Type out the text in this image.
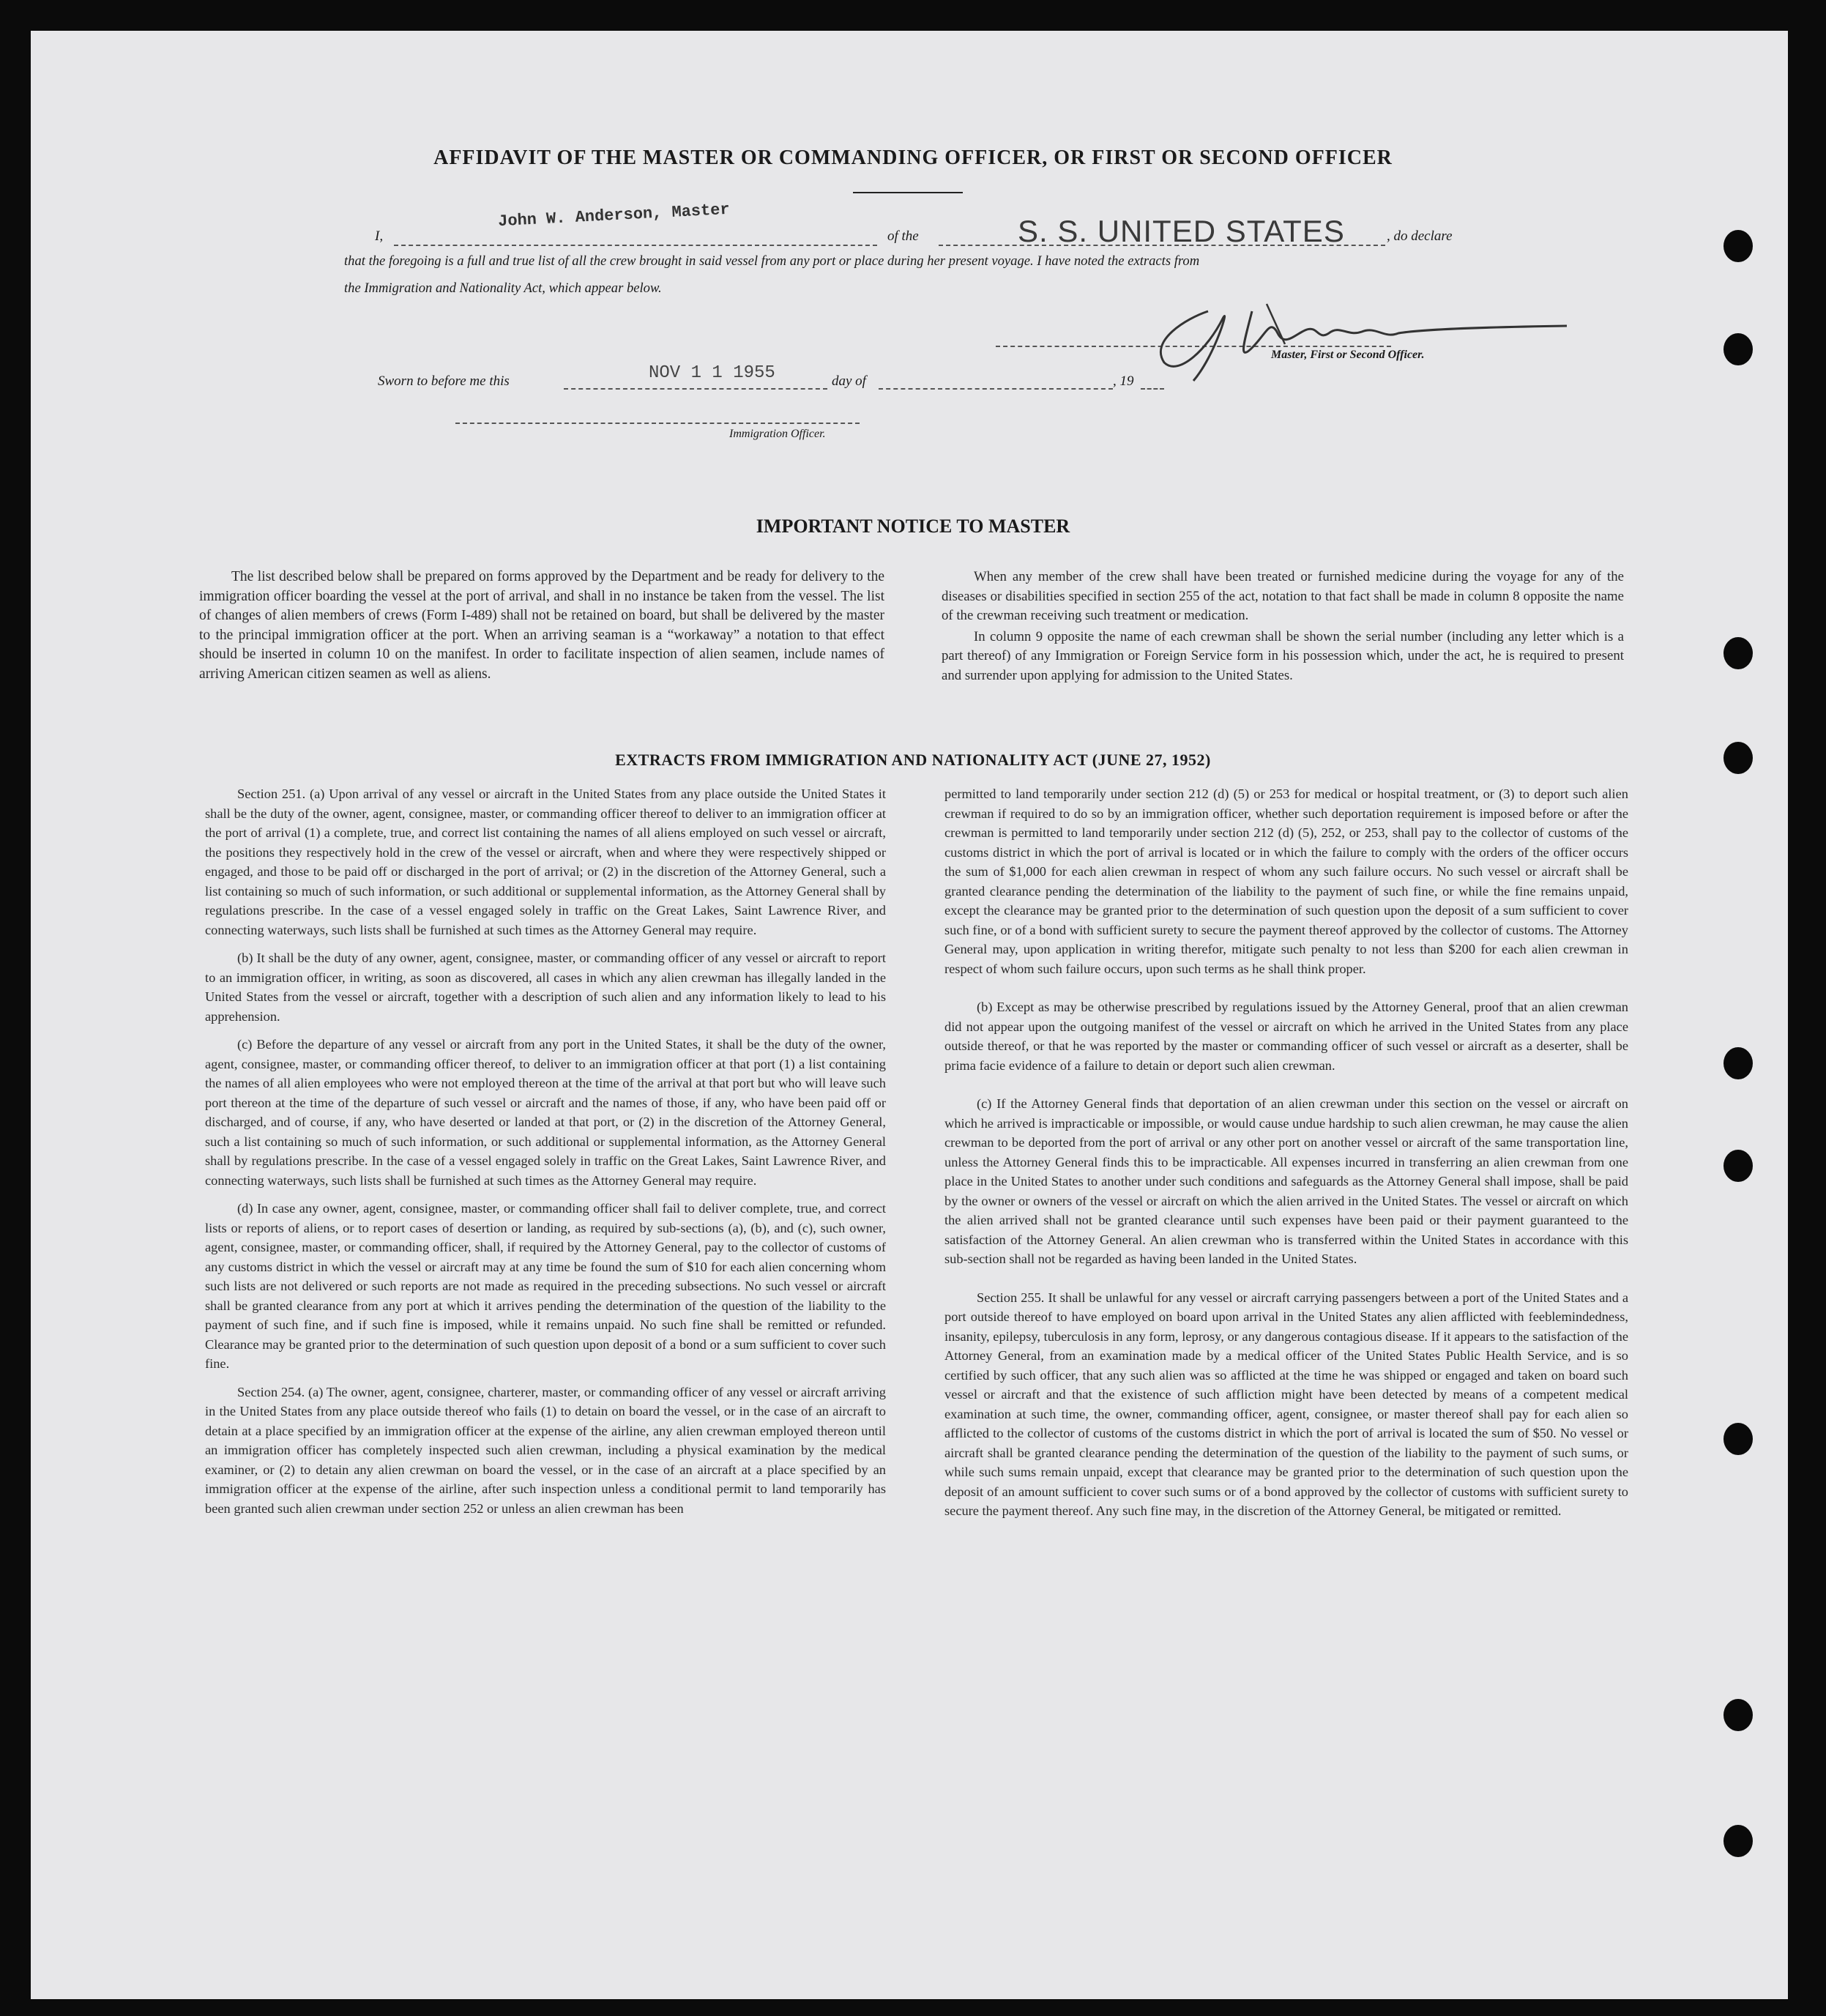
AFFIDAVIT OF THE MASTER OR COMMANDING OFFICER, OR FIRST OR SECOND OFFICER
I,
John W. Anderson, Master
of the	S. S. UNITED STATES	, do declare
that the foregoing is a full and true list of all the crew brought in said vessel from any port or place during her present voyage. I have noted the extracts from
the Immigration and Nationality Act, which appear below.
Master, First or Second Officer.
Sworn to before me this	NOV 1 1 1955	day of	, 19
Immigration Officer.
IMPORTANT NOTICE TO MASTER

The list described below shall be prepared on forms approved by the Department and be ready for delivery to the immigration officer boarding the vessel at the port of arrival, and shall in no instance be taken from the vessel. The list of changes of alien members of crews (Form I-489) shall not be retained on board, but shall be delivered by the master to the principal immigration officer at the port. When an arriving seaman is a “workaway” a notation to that effect should be inserted in column 10 on the manifest. In order to facilitate inspection of alien seamen, include names of arriving American citizen seamen as well as aliens.

When any member of the crew shall have been treated or furnished medicine during the voyage for any of the diseases or disabilities specified in section 255 of the act, notation to that fact shall be made in column 8 opposite the name of the crewman receiving such treatment or medication.

In column 9 opposite the name of each crewman shall be shown the serial number (including any letter which is a part thereof) of any Immigration or Foreign Service form in his possession which, under the act, he is required to present and surrender upon applying for admission to the United States.

EXTRACTS FROM IMMIGRATION AND NATIONALITY ACT (JUNE 27, 1952)

Section 251. (a) Upon arrival of any vessel or aircraft in the United States from any place outside the United States it shall be the duty of the owner, agent, consignee, master, or commanding officer thereof to deliver to an immigration officer at the port of arrival (1) a complete, true, and correct list containing the names of all aliens employed on such vessel or aircraft, the positions they respectively hold in the crew of the vessel or aircraft, when and where they were respectively shipped or engaged, and those to be paid off or discharged in the port of arrival; or (2) in the discretion of the Attorney General, such a list containing so much of such information, or such additional or supplemental information, as the Attorney General shall by regulations prescribe. In the case of a vessel engaged solely in traffic on the Great Lakes, Saint Lawrence River, and connecting waterways, such lists shall be furnished at such times as the Attorney General may require.

(b) It shall be the duty of any owner, agent, consignee, master, or commanding officer of any vessel or aircraft to report to an immigration officer, in writing, as soon as discovered, all cases in which any alien crewman has illegally landed in the United States from the vessel or aircraft, together with a description of such alien and any information likely to lead to his apprehension.

(c) Before the departure of any vessel or aircraft from any port in the United States, it shall be the duty of the owner, agent, consignee, master, or commanding officer thereof, to deliver to an immigration officer at that port (1) a list containing the names of all alien employees who were not employed thereon at the time of the arrival at that port but who will leave such port thereon at the time of the departure of such vessel or aircraft and the names of those, if any, who have been paid off or discharged, and of course, if any, who have deserted or landed at that port, or (2) in the discretion of the Attorney General, such a list containing so much of such information, or such additional or supplemental information, as the Attorney General shall by regulations prescribe. In the case of a vessel engaged solely in traffic on the Great Lakes, Saint Lawrence River, and connecting waterways, such lists shall be furnished at such times as the Attorney General may require.

(d) In case any owner, agent, consignee, master, or commanding officer shall fail to deliver complete, true, and correct lists or reports of aliens, or to report cases of desertion or landing, as required by sub-sections (a), (b), and (c), such owner, agent, consignee, master, or commanding officer, shall, if required by the Attorney General, pay to the collector of customs of any customs district in which the vessel or aircraft may at any time be found the sum of $10 for each alien concerning whom such lists are not delivered or such reports are not made as required in the preceding subsections. No such vessel or aircraft shall be granted clearance from any port at which it arrives pending the determination of the question of the liability to the payment of such fine, and if such fine is imposed, while it remains unpaid. No such fine shall be remitted or refunded. Clearance may be granted prior to the determination of such question upon deposit of a bond or a sum sufficient to cover such fine.

Section 254. (a) The owner, agent, consignee, charterer, master, or commanding officer of any vessel or aircraft arriving in the United States from any place outside thereof who fails (1) to detain on board the vessel, or in the case of an aircraft to detain at a place specified by an immigration officer at the expense of the airline, any alien crewman employed thereon until an immigration officer has completely inspected such alien crewman, including a physical examination by the medical examiner, or (2) to detain any alien crewman on board the vessel, or in the case of an aircraft at a place specified by an immigration officer at the expense of the airline, after such inspection unless a conditional permit to land temporarily has been granted such alien crewman under section 252 or unless an alien crewman has been

permitted to land temporarily under section 212 (d) (5) or 253 for medical or hospital treatment, or (3) to deport such alien crewman if required to do so by an immigration officer, whether such deportation requirement is imposed before or after the crewman is permitted to land temporarily under section 212 (d) (5), 252, or 253, shall pay to the collector of customs of the customs district in which the port of arrival is located or in which the failure to comply with the orders of the officer occurs the sum of $1,000 for each alien crewman in respect of whom any such failure occurs. No such vessel or aircraft shall be granted clearance pending the determination of the liability to the payment of such fine, or while the fine remains unpaid, except the clearance may be granted prior to the determination of such question upon the deposit of a sum sufficient to cover such fine, or of a bond with sufficient surety to secure the payment thereof approved by the collector of customs. The Attorney General may, upon application in writing therefor, mitigate such penalty to not less than $200 for each alien crewman in respect of whom such failure occurs, upon such terms as he shall think proper.

(b) Except as may be otherwise prescribed by regulations issued by the Attorney General, proof that an alien crewman did not appear upon the outgoing manifest of the vessel or aircraft on which he arrived in the United States from any place outside thereof, or that he was reported by the master or commanding officer of such vessel or aircraft as a deserter, shall be prima facie evidence of a failure to detain or deport such alien crewman.

(c) If the Attorney General finds that deportation of an alien crewman under this section on the vessel or aircraft on which he arrived is impracticable or impossible, or would cause undue hardship to such alien crewman, he may cause the alien crewman to be deported from the port of arrival or any other port on another vessel or aircraft of the same transportation line, unless the Attorney General finds this to be impracticable. All expenses incurred in transferring an alien crewman from one place in the United States to another under such conditions and safeguards as the Attorney General shall impose, shall be paid by the owner or owners of the vessel or aircraft on which the alien arrived in the United States. The vessel or aircraft on which the alien arrived shall not be granted clearance until such expenses have been paid or their payment guaranteed to the satisfaction of the Attorney General. An alien crewman who is transferred within the United States in accordance with this sub-section shall not be regarded as having been landed in the United States.

Section 255. It shall be unlawful for any vessel or aircraft carrying passengers between a port of the United States and a port outside thereof to have employed on board upon arrival in the United States any alien afflicted with feeblemindedness, insanity, epilepsy, tuberculosis in any form, leprosy, or any dangerous contagious disease. If it appears to the satisfaction of the Attorney General, from an examination made by a medical officer of the United States Public Health Service, and is so certified by such officer, that any such alien was so afflicted at the time he was shipped or engaged and taken on board such vessel or aircraft and that the existence of such affliction might have been detected by means of a competent medical examination at such time, the owner, commanding officer, agent, consignee, or master thereof shall pay for each alien so afflicted to the collector of customs of the customs district in which the port of arrival is located the sum of $50. No vessel or aircraft shall be granted clearance pending the determination of the question of the liability to the payment of such sums, or while such sums remain unpaid, except that clearance may be granted prior to the determination of such question upon the deposit of an amount sufficient to cover such sums or of a bond approved by the collector of customs with sufficient surety to secure the payment thereof. Any such fine may, in the discretion of the Attorney General, be mitigated or remitted.
